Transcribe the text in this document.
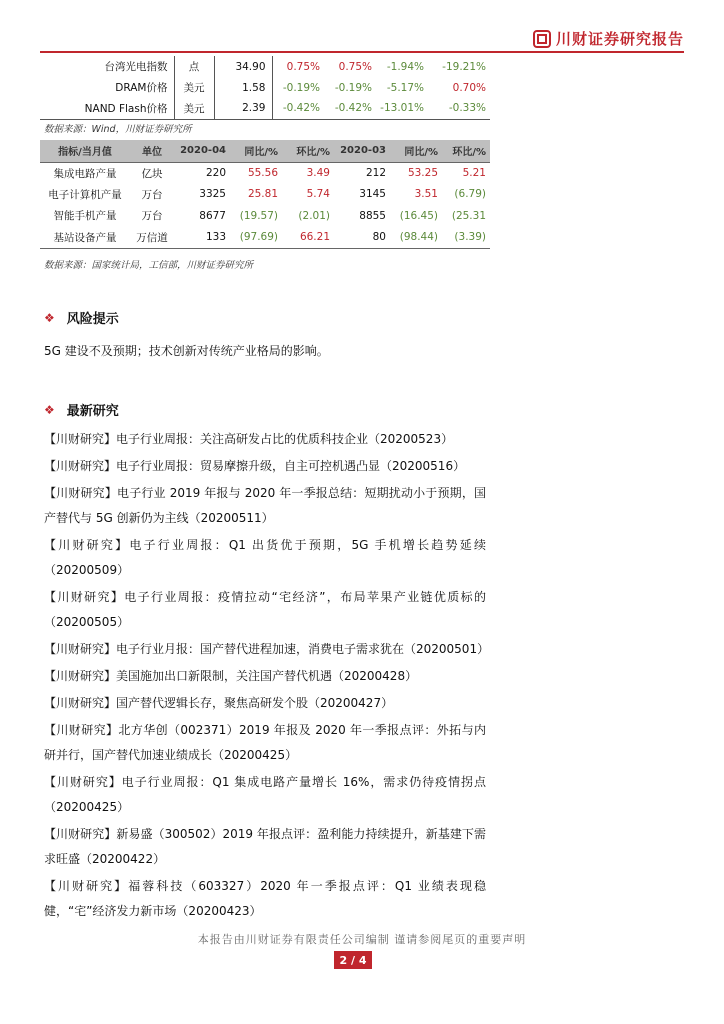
川财证券研究报告
台湾光电指数	点	34.90	0.75%	0.75%	-1.94%	-19.21%
DRAM价格	美元	1.58	-0.19%	-0.19%	-5.17%	0.70%
NAND Flash价格	美元	2.39	-0.42%	-0.42%	-13.01%	-0.33%
数据来源：Wind，川财证券研究所
指标/当月值	单位	2020-04	同比/%	环比/%	2020-03	同比/%	环比/%
集成电路产量	亿块	220	55.56	3.49	212	53.25	5.21
电子计算机产量	万台	3325	25.81	5.74	3145	3.51	(6.79)
智能手机产量	万台	8677	(19.57)	(2.01)	8855	(16.45)	(25.31
基站设备产量	万信道	133	(97.69)	66.21	80	(98.44)	(3.39)
数据来源：国家统计局，工信部，川财证券研究所
❖ 风险提示
5G 建设不及预期；技术创新对传统产业格局的影响。
❖ 最新研究
【川财研究】电子行业周报：关注高研发占比的优质科技企业（20200523）
【川财研究】电子行业周报：贸易摩擦升级，自主可控机遇凸显（20200516）
【川财研究】电子行业 2019 年报与 2020 年一季报总结：短期扰动小于预期，国产替代与 5G 创新仍为主线（20200511）
【川财研究】电子行业周报：Q1 出货优于预期，5G 手机增长趋势延续（20200509）
【川财研究】电子行业周报：疫情拉动“宅经济”，布局苹果产业链优质标的（20200505）
【川财研究】电子行业月报：国产替代进程加速，消费电子需求犹在（20200501）
【川财研究】美国施加出口新限制，关注国产替代机遇（20200428）
【川财研究】国产替代逻辑长存，聚焦高研发个股（20200427）
【川财研究】北方华创（002371）2019 年报及 2020 年一季报点评：外拓与内研并行，国产替代加速业绩成长（20200425）
【川财研究】电子行业周报：Q1 集成电路产量增长 16%，需求仍待疫情拐点（20200425）
【川财研究】新易盛（300502）2019 年报点评：盈利能力持续提升，新基建下需求旺盛（20200422）
【川财研究】福蓉科技（603327）2020 年一季报点评：Q1 业绩表现稳健，“宅”经济发力新市场（20200423）
本报告由川财证券有限责任公司编制 谨请参阅尾页的重要声明
2 / 4
